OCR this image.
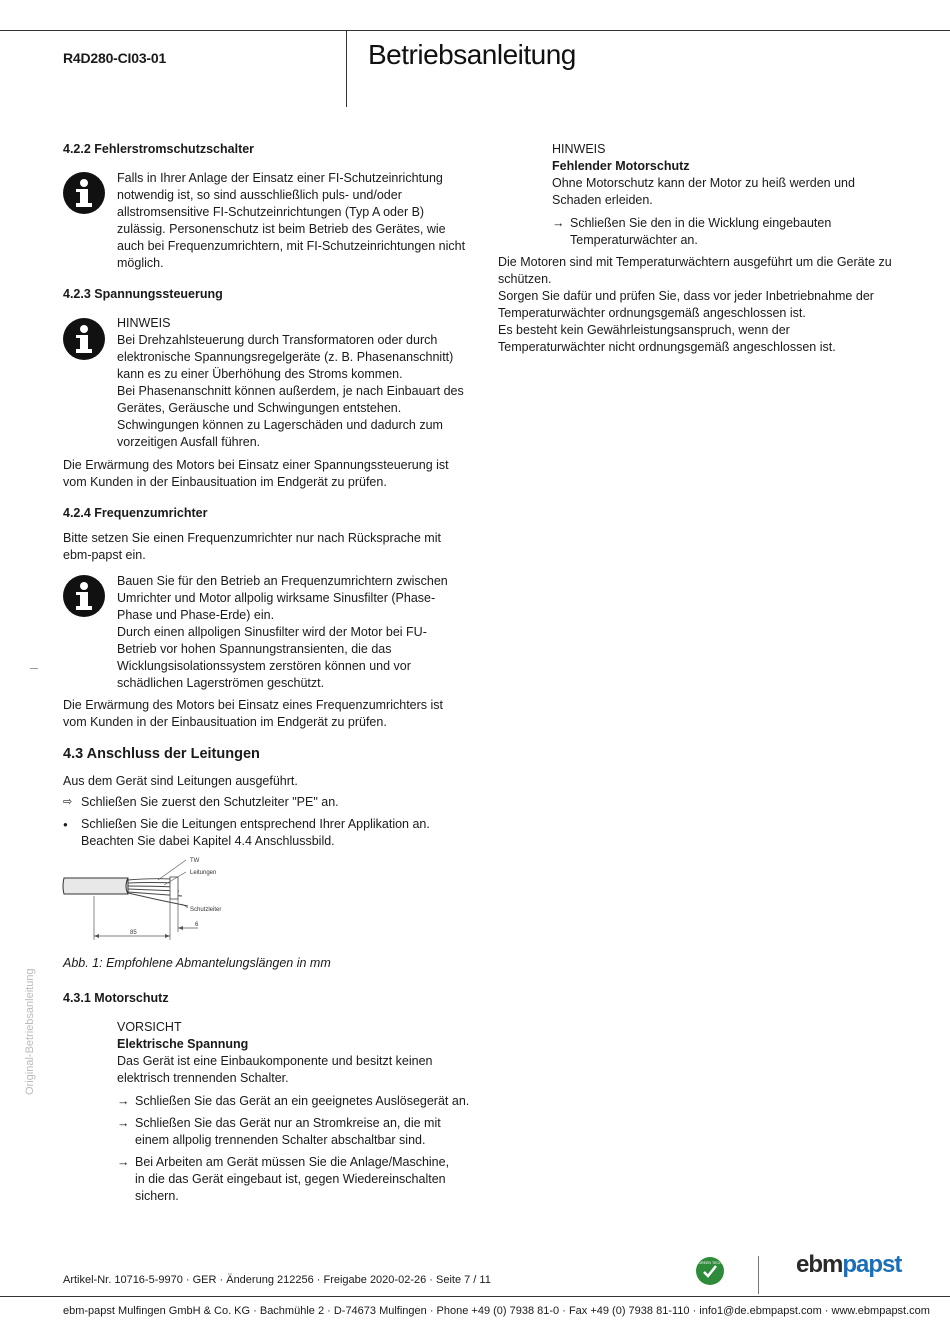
R4D280-CI03-01	Betriebsanleitung
Original-Betriebsanleitung
4.2.2 Fehlerstromschutzschalter
Falls in Ihrer Anlage der Einsatz einer FI-Schutzeinrichtung
notwendig ist, so sind ausschließlich puls- und/oder
allstromsensitive FI-Schutzeinrichtungen (Typ A oder B)
zulässig. Personenschutz ist beim Betrieb des Gerätes, wie
auch bei Frequenzumrichtern, mit FI-Schutzeinrichtungen nicht
möglich.
4.2.3 Spannungssteuerung
HINWEIS
Bei Drehzahlsteuerung durch Transformatoren oder durch
elektronische Spannungsregelgeräte (z. B. Phasenanschnitt)
kann es zu einer Überhöhung des Stroms kommen.
Bei Phasenanschnitt können außerdem, je nach Einbauart des
Gerätes, Geräusche und Schwingungen entstehen.
Schwingungen können zu Lagerschäden und dadurch zum
vorzeitigen Ausfall führen.
Die Erwärmung des Motors bei Einsatz einer Spannungssteuerung ist
vom Kunden in der Einbausituation im Endgerät zu prüfen.
4.2.4 Frequenzumrichter
Bitte setzen Sie einen Frequenzumrichter nur nach Rücksprache mit
ebm-papst ein.
Bauen Sie für den Betrieb an Frequenzumrichtern zwischen
Umrichter und Motor allpolig wirksame Sinusfilter (Phase-
Phase und Phase-Erde) ein.
Durch einen allpoligen Sinusfilter wird der Motor bei FU-
Betrieb vor hohen Spannungstransienten, die das
Wicklungsisolationssystem zerstören können und vor
schädlichen Lagerströmen geschützt.
Die Erwärmung des Motors bei Einsatz eines Frequenzumrichters ist
vom Kunden in der Einbausituation im Endgerät zu prüfen.
4.3 Anschluss der Leitungen
Aus dem Gerät sind Leitungen ausgeführt.
⇨ Schließen Sie zuerst den Schutzleiter "PE" an.
● Schließen Sie die Leitungen entsprechend Ihrer Applikation an.
Beachten Sie dabei Kapitel 4.4 Anschlussbild.
TW
Leitungen
Schutzleiter
6
85
Abb. 1: Empfohlene Abmantelungslängen in mm
4.3.1 Motorschutz
VORSICHT
Elektrische Spannung
Das Gerät ist eine Einbaukomponente und besitzt keinen
elektrisch trennenden Schalter.
→ Schließen Sie das Gerät an ein geeignetes Auslösegerät an.
→ Schließen Sie das Gerät nur an Stromkreise an, die mit
einem allpolig trennenden Schalter abschaltbar sind.
→ Bei Arbeiten am Gerät müssen Sie die Anlage/Maschine,
in die das Gerät eingebaut ist, gegen Wiedereinschalten
sichern.
HINWEIS
Fehlender Motorschutz
Ohne Motorschutz kann der Motor zu heiß werden und
Schaden erleiden.
→ Schließen Sie den in die Wicklung eingebauten
Temperaturwächter an.
Die Motoren sind mit Temperaturwächtern ausgeführt um die Geräte zu
schützen.
Sorgen Sie dafür und prüfen Sie, dass vor jeder Inbetriebnahme der
Temperaturwächter ordnungsgemäß angeschlossen ist.
Es besteht kein Gewährleistungsanspruch, wenn der
Temperaturwächter nicht ordnungsgemäß angeschlossen ist.
Artikel-Nr. 10716-5-9970 · GER · Änderung 212256 · Freigabe 2020-02-26 · Seite 7 / 11
GREEN TECH	ebmpapst
ebm-papst Mulfingen GmbH & Co. KG · Bachmühle 2 · D-74673 Mulfingen · Phone +49 (0) 7938 81-0 · Fax +49 (0) 7938 81-110 · info1@de.ebmpapst.com · www.ebmpapst.com
